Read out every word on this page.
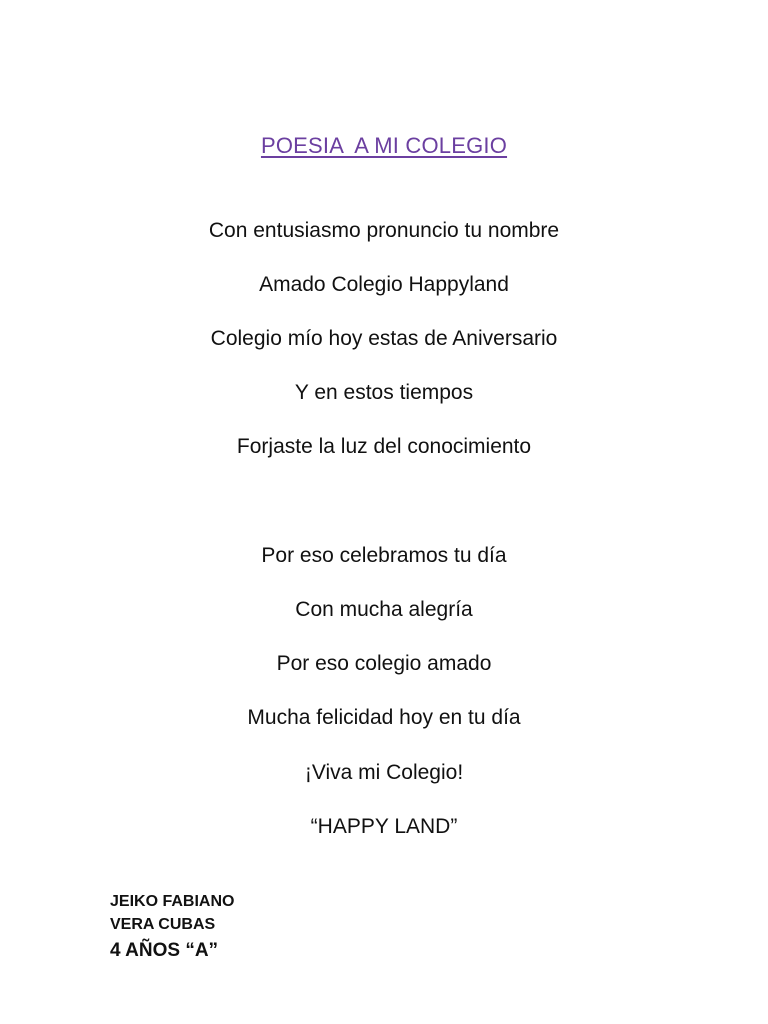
POESIA  A MI COLEGIO

Con entusiasmo pronuncio tu nombre

Amado Colegio Happyland

Colegio mío hoy estas de Aniversario

Y en estos tiempos

Forjaste la luz del conocimiento

Por eso celebramos tu día

Con mucha alegría

Por eso colegio amado

Mucha felicidad hoy en tu día

¡Viva mi Colegio!

“HAPPY LAND”

JEIKO FABIANO

VERA CUBAS

4 AÑOS “A”
